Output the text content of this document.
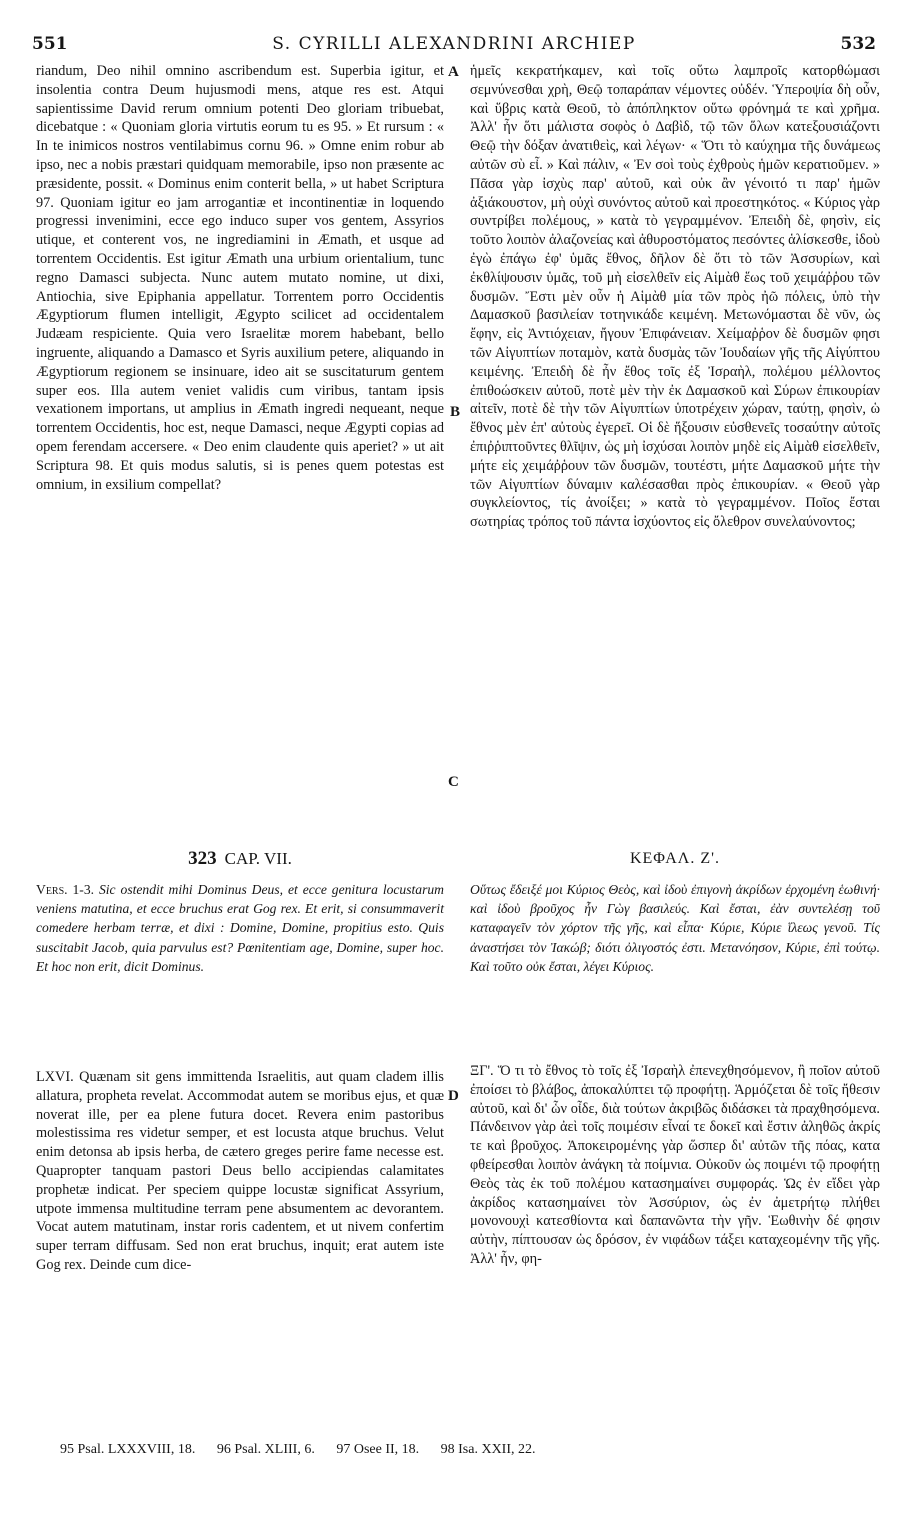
551	S. CYRILLI ALEXANDRINI ARCHIEP	532

riandum, Deo nihil omnino ascribendum est. Superbia igitur, et insolentia contra Deum hujusmodi mens, atque res est. Atqui sapientissime David rerum omnium potenti Deo gloriam tribuebat, dicebatque : « Quoniam gloria virtutis eorum tu es 95. » Et rursum : « In te inimicos nostros ventilabimus cornu 96. » Omne enim robur ab ipso, nec a nobis præstari quidquam memorabile, ipso non præsente ac præsidente, possit. « Dominus enim conterit bella, » ut habet Scriptura 97. Quoniam igitur eo jam arrogantiæ et incontinentiæ in loquendo progressi invenimini, ecce ego induco super vos gentem, Assyrios utique, et conterent vos, ne ingrediamini in Æmath, et usque ad torrentem Occidentis. Est igitur Æmath una urbium orientalium, tunc regno Damasci subjecta. Nunc autem mutato nomine, ut dixi, Antiochia, sive Epiphania appellatur. Torrentem porro Occidentis Ægyptiorum flumen intelligit, Ægypto scilicet ad occidentalem Judæam respiciente. Quia vero Israelitæ morem habebant, bello ingruente, aliquando a Damasco et Syris auxilium petere, aliquando in Ægyptiorum regionem se insinuare, ideo ait se suscitaturum gentem super eos. Illa autem veniet validis cum viribus, tantam ipsis vexationem importans, ut amplius in Æmath ingredi nequeant, neque torrentem Occidentis, hoc est, neque Damasci, neque Ægypti copias ad opem ferendam accersere. « Deo enim claudente quis aperiet? » ut ait Scriptura 98. Et quis modus salutis, si is penes quem potestas est omnium, in exsilium compellat?

323 CAP. VII.

Vers. 1-3. Sic ostendit mihi Dominus Deus, et ecce genitura locustarum veniens matutina, et ecce bruchus erat Gog rex. Et erit, si consummaverit comedere herbam terræ, et dixi : Domine, Domine, propitius esto. Quis suscitabit Jacob, quia parvulus est? Pœnitentiam age, Domine, super hoc. Et hoc non erit, dicit Dominus.

LXVI. Quænam sit gens immittenda Israelitis, aut quam cladem illis allatura, propheta revelat. Accommodat autem se moribus ejus, et quæ noverat ille, per ea plene futura docet. Revera enim pastoribus molestissima res videtur semper, et est locusta atque bruchus. Velut enim detonsa ab ipsis herba, de cætero greges perire fame necesse est. Quapropter tanquam pastori Deus bello accipiendas calamitates prophetæ indicat. Per speciem quippe locustæ significat Assyrium, utpote immensa multitudine terram pene absumentem ac devorantem. Vocat autem matutinam, instar roris cadentem, et ut nivem confertim super terram diffusam. Sed non erat bruchus, inquit; erat autem iste Gog rex. Deinde cum dice-

ἡμεῖς κεκρατήκαμεν, καὶ τοῖς οὕτω λαμπροῖς κατορθώμασι σεμνύνεσθαι χρὴ, Θεῷ τοπαράπαν νέμοντες οὐδέν. Ὑπεροψία δὴ οὖν, καὶ ὕβρις κατὰ Θεοῦ, τὸ ἀπόπληκτον οὕτω φρόνημά τε καὶ χρῆμα. Ἀλλ' ἦν ὅτι μάλιστα σοφὸς ὁ Δαβὶδ, τῷ τῶν ὅλων κατεξουσιάζοντι Θεῷ τὴν δόξαν ἀνατιθεὶς, καὶ λέγων· « Ὅτι τὸ καύχημα τῆς δυνάμεως αὐτῶν σὺ εἶ. » Καὶ πάλιν, « Ἐν σοὶ τοὺς ἐχθροὺς ἡμῶν κερατιοῦμεν. » Πᾶσα γὰρ ἰσχὺς παρ' αὐτοῦ, καὶ οὐκ ἂν γένοιτό τι παρ' ἡμῶν ἀξιάκουστον, μὴ οὐχὶ συνόντος αὐτοῦ καὶ προεστηκότος. « Κύριος γὰρ συντρίβει πολέμους, » κατὰ τὸ γεγραμμένον. Ἐπειδὴ δὲ, φησὶν, εἰς τοῦτο λοιπὸν ἀλαζονείας καὶ ἀθυροστόματος πεσόντες ἁλίσκεσθε, ἰδοὺ ἐγὼ ἐπάγω ἐφ' ὑμᾶς ἔθνος, δῆλον δὲ ὅτι τὸ τῶν Ἀσσυρίων, καὶ ἐκθλίψουσιν ὑμᾶς, τοῦ μὴ εἰσελθεῖν εἰς Αἱμὰθ ἕως τοῦ χειμάῤῥου τῶν δυσμῶν. Ἔστι μὲν οὖν ἡ Αἱμὰθ μία τῶν πρὸς ἠῶ πόλεις, ὑπὸ τὴν Δαμασκοῦ βασιλείαν τοτηνικάδε κειμένη. Μετωνόμασται δὲ νῦν, ὡς ἔφην, εἰς Ἀντιόχειαν, ἤγουν Ἐπιφάνειαν. Χείμαῤῥον δὲ δυσμῶν φησι τῶν Αἰγυπτίων ποταμὸν, κατὰ δυσμὰς τῶν Ἰουδαίων γῆς τῆς Αἰγύπτου κειμένης. Ἐπειδὴ δὲ ἦν ἔθος τοῖς ἐξ Ἰσραὴλ, πολέμου μέλλοντος ἐπιθοώσκειν αὐτοῦ, ποτὲ μὲν τὴν ἐκ Δαμασκοῦ καὶ Σύρων ἐπικουρίαν αἰτεῖν, ποτὲ δὲ τὴν τῶν Αἰγυπτίων ὑποτρέχειν χώραν, ταύτῃ, φησὶν, ὡ ἔθνος μὲν ἐπ' αὐτοὺς ἐγερεῖ. Οἱ δὲ ἥξουσιν εὐσθενεῖς τοσαύτην αὐτοῖς ἐπιῤῥιπτοῦντες θλῖψιν, ὡς μὴ ἰσχύσαι λοιπὸν μηδὲ εἰς Αἱμὰθ εἰσελθεῖν, μήτε εἰς χειμάῤῥουν τῶν δυσμῶν, τουτέστι, μήτε Δαμασκοῦ μήτε τὴν τῶν Αἰγυπτίων δύναμιν καλέσασθαι πρὸς ἐπικουρίαν. « Θεοῦ γὰρ συγκλείοντος, τίς ἀνοίξει; » κατὰ τὸ γεγραμμένον. Ποῖος ἔσται σωτηρίας τρόπος τοῦ πάντα ἰσχύοντος εἰς ὄλεθρον συνελαύνοντος;

ΚΕΦΑΛ. Ζ'.

Οὕτως ἔδειξέ μοι Κύριος Θεὸς, καὶ ἰδοὺ ἐπιγονὴ ἀκρίδων ἐρχομένη ἑωθινή· καὶ ἰδοὺ βροῦχος ἦν Γὼγ βασιλεύς. Καὶ ἔσται, ἐὰν συντελέσῃ τοῦ καταφαγεῖν τὸν χόρτον τῆς γῆς, καὶ εἶπα· Κύριε, Κύριε ἵλεως γενοῦ. Τίς ἀναστήσει τὸν Ἰακώβ; διότι ὀλιγοστός ἐστι. Μετανόησον, Κύριε, ἐπὶ τούτῳ. Καὶ τοῦτο οὐκ ἔσται, λέγει Κύριος.

ΞΓ'. Ὅ τι τὸ ἔθνος τὸ τοῖς ἐξ Ἰσραὴλ ἐπενεχθησόμενον, ἢ ποῖον αὐτοῦ ἐποίσει τὸ βλάβος, ἀποκαλύπτει τῷ προφήτῃ. Ἁρμόζεται δὲ τοῖς ἤθεσιν αὐτοῦ, καὶ δι' ὧν οἶδε, διὰ τούτων ἀκριβῶς διδάσκει τὰ πραχθησόμενα. Πάνδεινον γὰρ ἀεὶ τοῖς ποιμέσιν εἶναί τε δοκεῖ καὶ ἔστιν ἀληθῶς ἀκρίς τε καὶ βροῦχος. Ἀποκειρομένης γὰρ ὥσπερ δι' αὐτῶν τῆς πόας, κατα φθείρεσθαι λοιπὸν ἀνάγκη τὰ ποίμνια. Οὐκοῦν ὡς ποιμένι τῷ προφήτῃ Θεὸς τὰς ἐκ τοῦ πολέμου κατασημαίνει συμφοράς. Ὡς ἐν εἴδει γὰρ ἀκρίδος κατασημαίνει τὸν Ἀσσύριον, ὡς ἐν ἀμετρήτῳ πλήθει μονονουχὶ κατεσθίοντα καὶ δαπανῶντα τὴν γῆν. Ἑωθινὴν δέ φησιν αὐτὴν, πίπτουσαν ὡς δρόσον, ἐν νιφάδων τάξει καταχεομένην τῆς γῆς. Ἀλλ' ἦν, φη-

A
B
C
D
95 Psal. LXXXVIII, 18. 96 Psal. XLIII, 6. 97 Osee II, 18. 98 Isa. XXII, 22.
